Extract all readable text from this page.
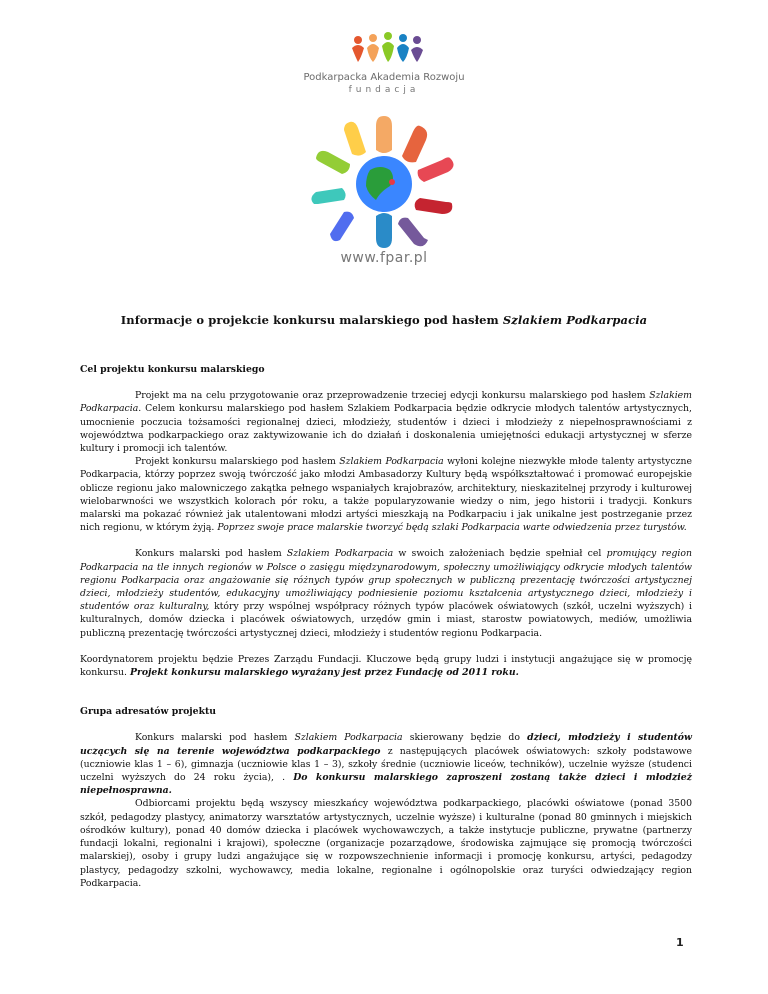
Podkarpacka Akademia Rozwoju
fundacja
www.fpar.pl
Informacje o projekcie konkursu malarskiego pod hasłem Szlakiem Podkarpacia

Cel projektu konkursu malarskiego

Projekt ma na celu przygotowanie oraz przeprowadzenie trzeciej edycji konkursu malarskiego pod hasłem Szlakiem Podkarpacia. Celem konkursu malarskiego pod hasłem Szlakiem Podkarpacia będzie odkrycie młodych talentów artystycznych, umocnienie poczucia tożsamości regionalnej dzieci, młodzieży, studentów i dzieci i młodzieży z niepełnosprawnościami z województwa podkarpackiego oraz zaktywizowanie ich do działań i doskonalenia umiejętności edukacji artystycznej w sferze kultury i promocji ich talentów.

Projekt konkursu malarskiego pod hasłem Szlakiem Podkarpacia wyłoni kolejne niezwykłe młode talenty artystyczne Podkarpacia, którzy poprzez swoją twórczość jako młodzi Ambasadorzy Kultury będą współkształtować i promować europejskie oblicze regionu jako malowniczego zakątka pełnego wspaniałych krajobrazów, architektury, nieskazitelnej przyrody i kulturowej wielobarwności we wszystkich kolorach pór roku, a także popularyzowanie wiedzy o nim, jego historii i tradycji. Konkurs malarski ma pokazać również jak utalentowani młodzi artyści mieszkają na Podkarpaciu i jak unikalne jest postrzeganie przez nich regionu, w którym żyją. Poprzez swoje prace malarskie tworzyć będą szlaki Podkarpacia warte odwiedzenia przez turystów.

Konkurs malarski pod hasłem Szlakiem Podkarpacia w swoich założeniach będzie spełniał cel promujący region Podkarpacia na tle innych regionów w Polsce o zasięgu międzynarodowym, społeczny umożliwiający odkrycie młodych talentów regionu Podkarpacia oraz angażowanie się różnych typów grup społecznych w publiczną prezentację twórczości artystycznej dzieci, młodzieży studentów, edukacyjny umożliwiający podniesienie poziomu kształcenia artystycznego dzieci, młodzieży i studentów oraz kulturalny, który przy wspólnej współpracy różnych typów placówek oświatowych (szkół, uczelni wyższych) i kulturalnych, domów dziecka i placówek oświatowych, urzędów gmin i miast, starostw powiatowych, mediów, umożliwia publiczną prezentację twórczości artystycznej dzieci, młodzieży i studentów regionu Podkarpacia.

Koordynatorem projektu będzie Prezes Zarządu Fundacji. Kluczowe będą grupy ludzi i instytucji angażujące się w promocję konkursu. Projekt konkursu malarskiego wyrażany jest przez Fundację od 2011 roku.

Grupa adresatów projektu

Konkurs malarski pod hasłem Szlakiem Podkarpacia skierowany będzie do dzieci, młodzieży i studentów uczących się na terenie województwa podkarpackiego z następujących placówek oświatowych: szkoły podstawowe (uczniowie klas 1 – 6), gimnazja (uczniowie klas 1 – 3), szkoły średnie (uczniowie liceów, techników), uczelnie wyższe (studenci uczelni wyższych do 24 roku życia), . Do konkursu malarskiego zaproszeni zostaną także dzieci i młodzież niepełnosprawna.

Odbiorcami projektu będą wszyscy mieszkańcy województwa podkarpackiego, placówki oświatowe (ponad 3500 szkół, pedagodzy plastycy, animatorzy warsztatów artystycznych, uczelnie wyższe) i kulturalne (ponad 80 gminnych i miejskich ośrodków kultury), ponad 40 domów dziecka i placówek wychowawczych, a także instytucje publiczne, prywatne (partnerzy fundacji lokalni, regionalni i krajowi), społeczne (organizacje pozarządowe, środowiska zajmujące się promocją twórczości malarskiej), osoby i grupy ludzi angażujące się w rozpowszechnienie informacji i promocję konkursu, artyści, pedagodzy plastycy, pedagodzy szkolni, wychowawcy, media lokalne, regionalne i ogólnopolskie oraz turyści odwiedzający region Podkarpacia.

1
